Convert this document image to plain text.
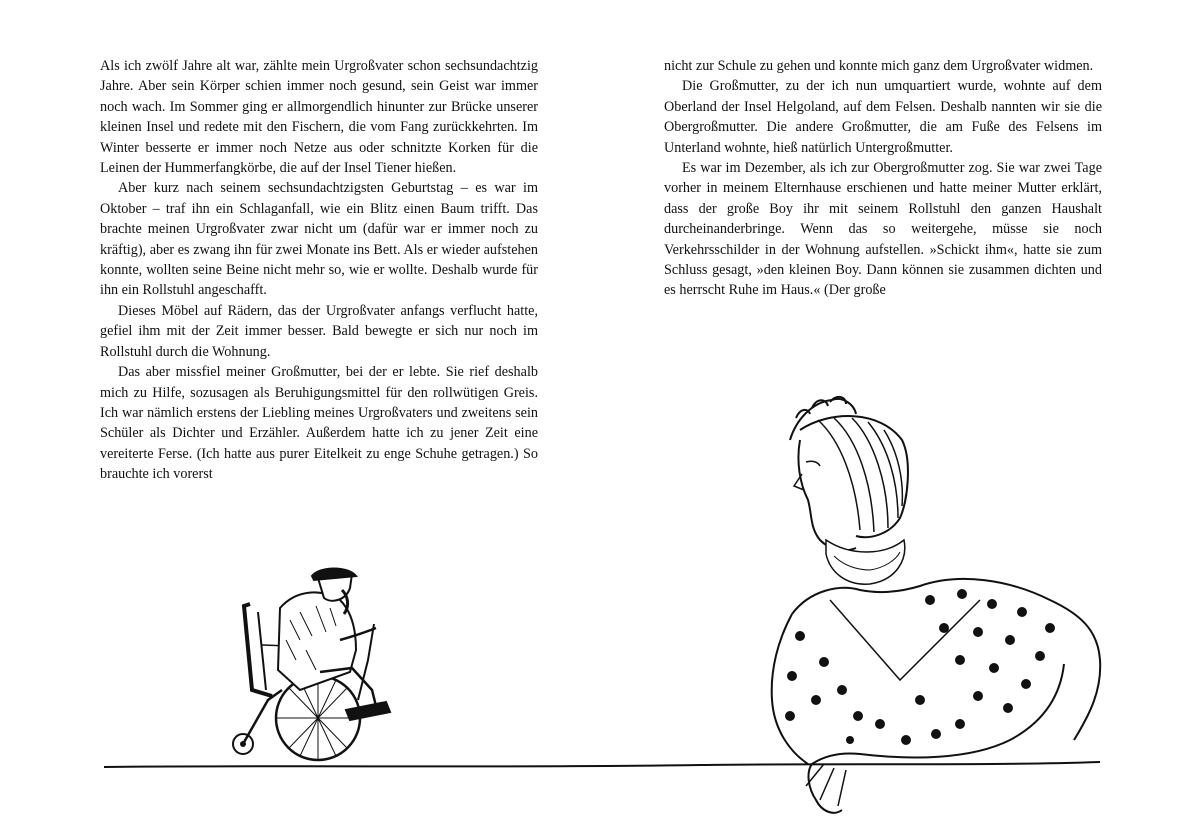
Als ich zwölf Jahre alt war, zählte mein Urgroßvater schon sechsundachtzig Jahre. Aber sein Körper schien immer noch gesund, sein Geist war immer noch wach. Im Sommer ging er allmorgendlich hinunter zur Brücke unserer kleinen Insel und redete mit den Fischern, die vom Fang zurückkehrten. Im Winter besserte er immer noch Netze aus oder schnitzte Korken für die Leinen der Hummerfangkörbe, die auf der Insel Tiener hießen.

Aber kurz nach seinem sechsundachtzigsten Geburtstag – es war im Oktober – traf ihn ein Schlaganfall, wie ein Blitz einen Baum trifft. Das brachte meinen Urgroßvater zwar nicht um (dafür war er immer noch zu kräftig), aber es zwang ihn für zwei Monate ins Bett. Als er wieder aufstehen konnte, wollten seine Beine nicht mehr so, wie er wollte. Deshalb wurde für ihn ein Rollstuhl angeschafft.

Dieses Möbel auf Rädern, das der Urgroßvater anfangs verflucht hatte, gefiel ihm mit der Zeit immer besser. Bald bewegte er sich nur noch im Rollstuhl durch die Wohnung.

Das aber missfiel meiner Großmutter, bei der er lebte. Sie rief deshalb mich zu Hilfe, sozusagen als Beruhigungsmittel für den rollwütigen Greis. Ich war nämlich erstens der Liebling meines Urgroßvaters und zweitens sein Schüler als Dichter und Erzähler. Außerdem hatte ich zu jener Zeit eine vereiterte Ferse. (Ich hatte aus purer Eitelkeit zu enge Schuhe getragen.) So brauchte ich vorerst

nicht zur Schule zu gehen und konnte mich ganz dem Urgroßvater widmen.

Die Großmutter, zu der ich nun umquartiert wurde, wohnte auf dem Oberland der Insel Helgoland, auf dem Felsen. Deshalb nannten wir sie die Obergroßmutter. Die andere Großmutter, die am Fuße des Felsens im Unterland wohnte, hieß natürlich Untergroßmutter.

Es war im Dezember, als ich zur Obergroßmutter zog. Sie war zwei Tage vorher in meinem Elternhause erschienen und hatte meiner Mutter erklärt, dass der große Boy ihr mit seinem Rollstuhl den ganzen Haushalt durcheinanderbringe. Wenn das so weitergehe, müsse sie noch Verkehrsschilder in der Wohnung aufstellen. »Schickt ihm«, hatte sie zum Schluss gesagt, »den kleinen Boy. Dann können sie zusammen dichten und es herrscht Ruhe im Haus.« (Der große
